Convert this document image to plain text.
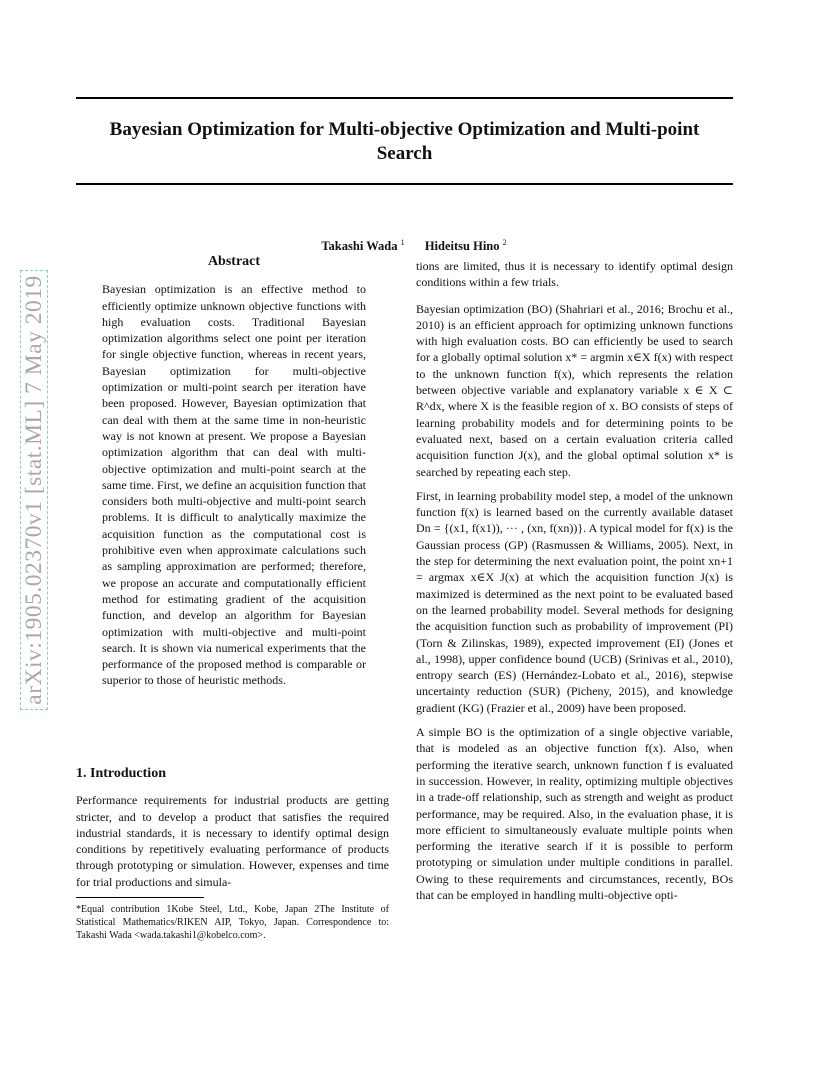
Bayesian Optimization for Multi-objective Optimization and Multi-point Search
Takashi Wada $^1$ Hideitsu Hino $^2$
arXiv:1905.02370v1 [stat.ML] 7 May 2019
Abstract

Bayesian optimization is an effective method to efficiently optimize unknown objective functions with high evaluation costs. Traditional Bayesian optimization algorithms select one point per iteration for single objective function, whereas in recent years, Bayesian optimization for multi-objective optimization or multi-point search per iteration have been proposed. However, Bayesian optimization that can deal with them at the same time in non-heuristic way is not known at present. We propose a Bayesian optimization algorithm that can deal with multi-objective optimization and multi-point search at the same time. First, we define an acquisition function that considers both multi-objective and multi-point search problems. It is difficult to analytically maximize the acquisition function as the computational cost is prohibitive even when approximate calculations such as sampling approximation are performed; therefore, we propose an accurate and computationally efficient method for estimating gradient of the acquisition function, and develop an algorithm for Bayesian optimization with multi-objective and multi-point search. It is shown via numerical experiments that the performance of the proposed method is comparable or superior to those of heuristic methods.

1. Introduction

Performance requirements for industrial products are getting stricter, and to develop a product that satisfies the required industrial standards, it is necessary to identify optimal design conditions by repetitively evaluating performance of products through prototyping or simulation. However, expenses and time for trial productions and simula-

*Equal contribution 1Kobe Steel, Ltd., Kobe, Japan 2The Institute of Statistical Mathematics/RIKEN AIP, Tokyo, Japan. Correspondence to: Takashi Wada <wada.takashi1@kobelco.com>.

tions are limited, thus it is necessary to identify optimal design conditions within a few trials.

Bayesian optimization (BO) (Shahriari et al., 2016; Brochu et al., 2010) is an efficient approach for optimizing unknown functions with high evaluation costs. BO can efficiently be used to search for a globally optimal solution x* = argmin x∈X f(x) with respect to the unknown function f(x), which represents the relation between objective variable and explanatory variable x ∈ X ⊂ R^dx, where X is the feasible region of x. BO consists of steps of learning probability models and for determining points to be evaluated next, based on a certain evaluation criteria called acquisition function J(x), and the global optimal solution x* is searched by repeating each step.

First, in learning probability model step, a model of the unknown function f(x) is learned based on the currently available dataset Dn = {(x1, f(x1)), ··· , (xn, f(xn))}. A typical model for f(x) is the Gaussian process (GP) (Rasmussen & Williams, 2005). Next, in the step for determining the next evaluation point, the point xn+1 = argmax x∈X J(x) at which the acquisition function J(x) is maximized is determined as the next point to be evaluated based on the learned probability model. Several methods for designing the acquisition function such as probability of improvement (PI) (Torn & Zilinskas, 1989), expected improvement (EI) (Jones et al., 1998), upper confidence bound (UCB) (Srinivas et al., 2010), entropy search (ES) (Hernández-Lobato et al., 2016), stepwise uncertainty reduction (SUR) (Picheny, 2015), and knowledge gradient (KG) (Frazier et al., 2009) have been proposed.

A simple BO is the optimization of a single objective variable, that is modeled as an objective function f(x). Also, when performing the iterative search, unknown function f is evaluated in succession. However, in reality, optimizing multiple objectives in a trade-off relationship, such as strength and weight as product performance, may be required. Also, in the evaluation phase, it is more efficient to simultaneously evaluate multiple points when performing the iterative search if it is possible to perform prototyping or simulation under multiple conditions in parallel. Owing to these requirements and circumstances, recently, BOs that can be employed in handling multi-objective opti-
